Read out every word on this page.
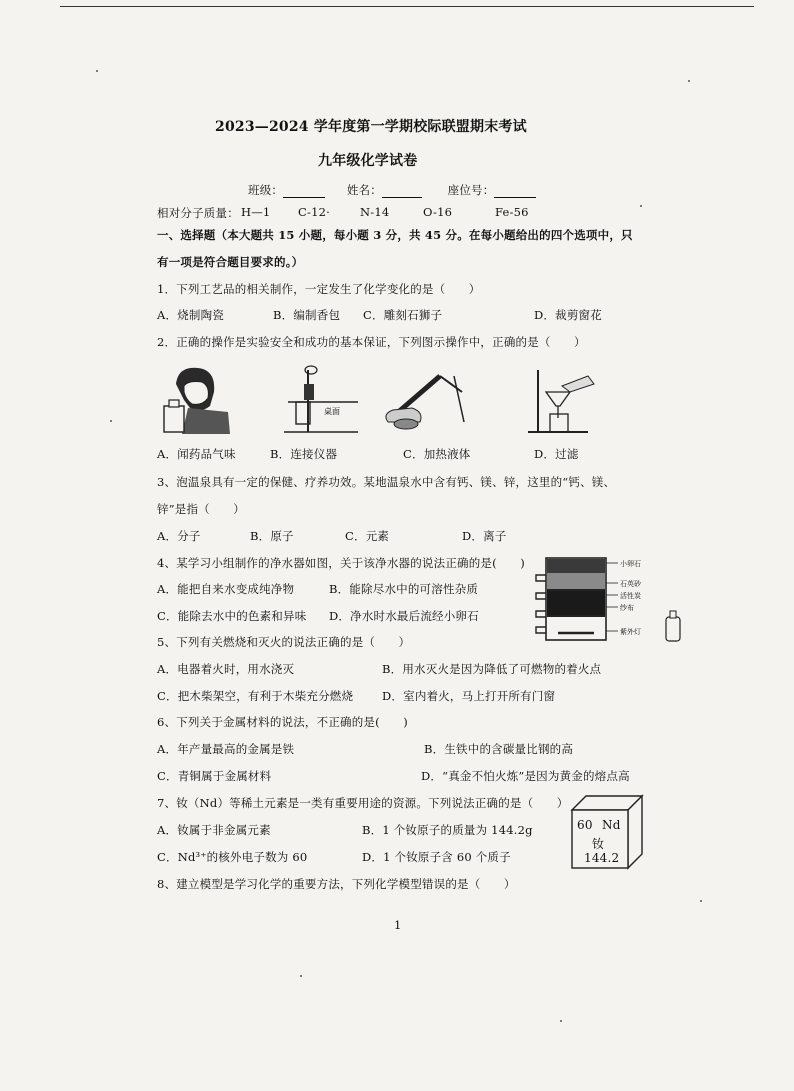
2023—2024 学年度第一学期校际联盟期末考试
九年级化学试卷
班级：	姓名：	座位号：
相对分子质量： H—1 C-12·	N-14	O-16	Fe-56
一、选择题（本大题共 15 小题，每小题 3 分，共 45 分。在每小题给出的四个选项中，只
有一项是符合题目要求的。）
1．下列工艺品的相关制作，一定发生了化学变化的是（　　）
A．烧制陶瓷	B．编制香包 C．雕刻石狮子	D．裁剪窗花
2．正确的操作是实验安全和成功的基本保证，下列图示操作中，正确的是（　　）
桌面
A．闻药品气味	B．连接仪器	C．加热液体	D．过滤
3、泡温泉具有一定的保健、疗养功效。某地温泉水中含有钙、镁、锌，这里的“钙、镁、
锌”是指（　　）
A．分子	B．原子	C．元素	D．离子
4、某学习小组制作的净水器如图，关于该净水器的说法正确的是(　　)
A．能把自来水变成纯净物	B．能除尽水中的可溶性杂质
C．能除去水中的色素和异味 D．净水时水最后流经小卵石
小卵石
石英砂
活性炭
纱布
紫外灯
5、下列有关燃烧和灭火的说法正确的是（　　）
A．电器着火时，用水浇灭	B．用水灭火是因为降低了可燃物的着火点
C．把木柴架空，有利于木柴充分燃烧	D．室内着火，马上打开所有门窗
6、下列关于金属材料的说法，不正确的是(　　)
A．年产量最高的金属是铁	B．生铁中的含碳量比钢的高
C．青铜属于金属材料	D．“真金不怕火炼”是因为黄金的熔点高
7、钕（Nd）等稀土元素是一类有重要用途的资源。下列说法正确的是（　　）
A．钕属于非金属元素	B．1 个钕原子的质量为 144.2g
C．Nd³⁺的核外电子数为 60	D．1 个钕原子含 60 个质子
60 Nd
钕
144.2
8、建立模型是学习化学的重要方法，下列化学模型错误的是（　　）
1
